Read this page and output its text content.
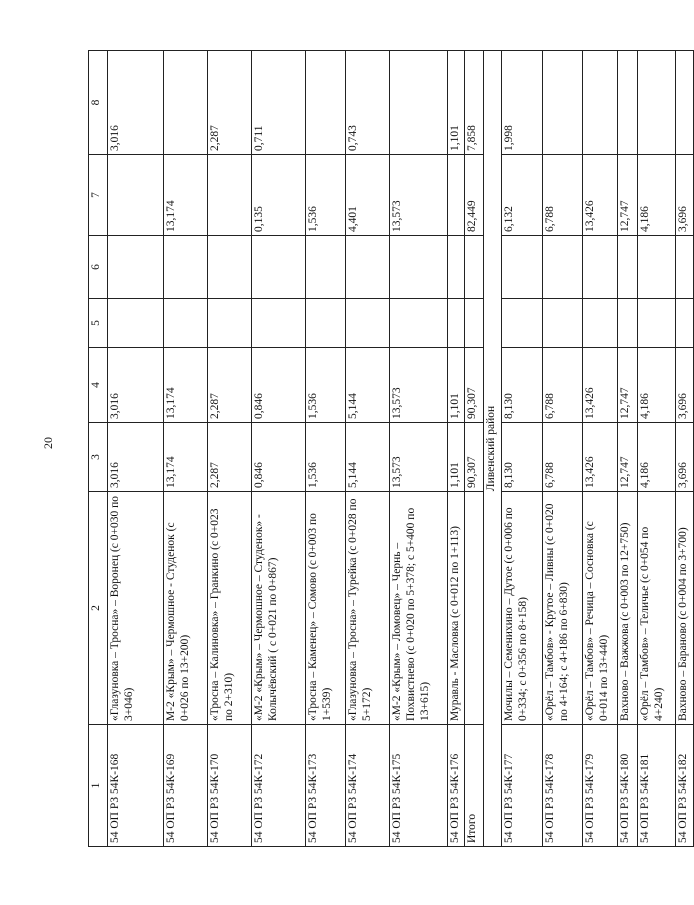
20
1	2	3	4	5	6	7	8
54 ОП РЗ 54К-168	«Глазуновка – Троснa» – Воронец (с 0+030 по 3+046)	3,016	3,016				3,016
54 ОП РЗ 54К-169	М-2 «Крым» – Чермошное - Студенок (с 0+026 по 13+200)	13,174	13,174			13,174	
54 ОП РЗ 54К-170	«Тросна – Калиновка» – Гранкино (с 0+023 по 2+310)	2,287	2,287				2,287
54 ОП РЗ 54К-172	«М-2 «Крым» – Чермошное – Студенок» - Колычёвский ( с 0+021 по 0+867)	0,846	0,846			0,135	0,711
54 ОП РЗ 54К-173	«Тросна – Каменец» – Сомово (с 0+003 по 1+539)	1,536	1,536			1,536	
54 ОП РЗ 54К-174	«Глазуновка – Тросна» – Турейка (с 0+028 по 5+172)	5,144	5,144			4,401	0,743
54 ОП РЗ 54К-175	«М-2 «Крым» – Ломовец» – Чернь – Похвистнево (с 0+020 по 5+378; с 5+400 по 13+615)	13,573	13,573			13,573	
54 ОП РЗ 54К-176	Муравль - Масловка (с 0+012 по 1+113)	1,101	1,101				1,101
Итого		90,307	90,307			82,449	7,858
Ливенский район							
54 ОП РЗ 54К-177	Мочилы – Семенихино – Дутое (с 0+006 по 0+334; с 0+356 по 8+158)	8,130	8,130			6,132	1,998
54 ОП РЗ 54К-178	«Орёл – Тамбов» - Крутое – Ливны (с 0+020 по 4+164; с 4+186 по 6+830)	6,788	6,788			6,788	
54 ОП РЗ 54К-179	«Орёл – Тамбов» – Речица – Сосновка (с 0+014 по 13+440)	13,426	13,426			13,426	
54 ОП РЗ 54К-180	Вахново – Важжова (с 0+003 по 12+750)	12,747	12,747			12,747	
54 ОП РЗ 54К-181	«Орёл – Тамбов» – Теличье (с 0+054 по 4+240)	4,186	4,186			4,186	
54 ОП РЗ 54К-182	Вахново – Бараново (с 0+004 по 3+700)	3,696	3,696			3,696	
